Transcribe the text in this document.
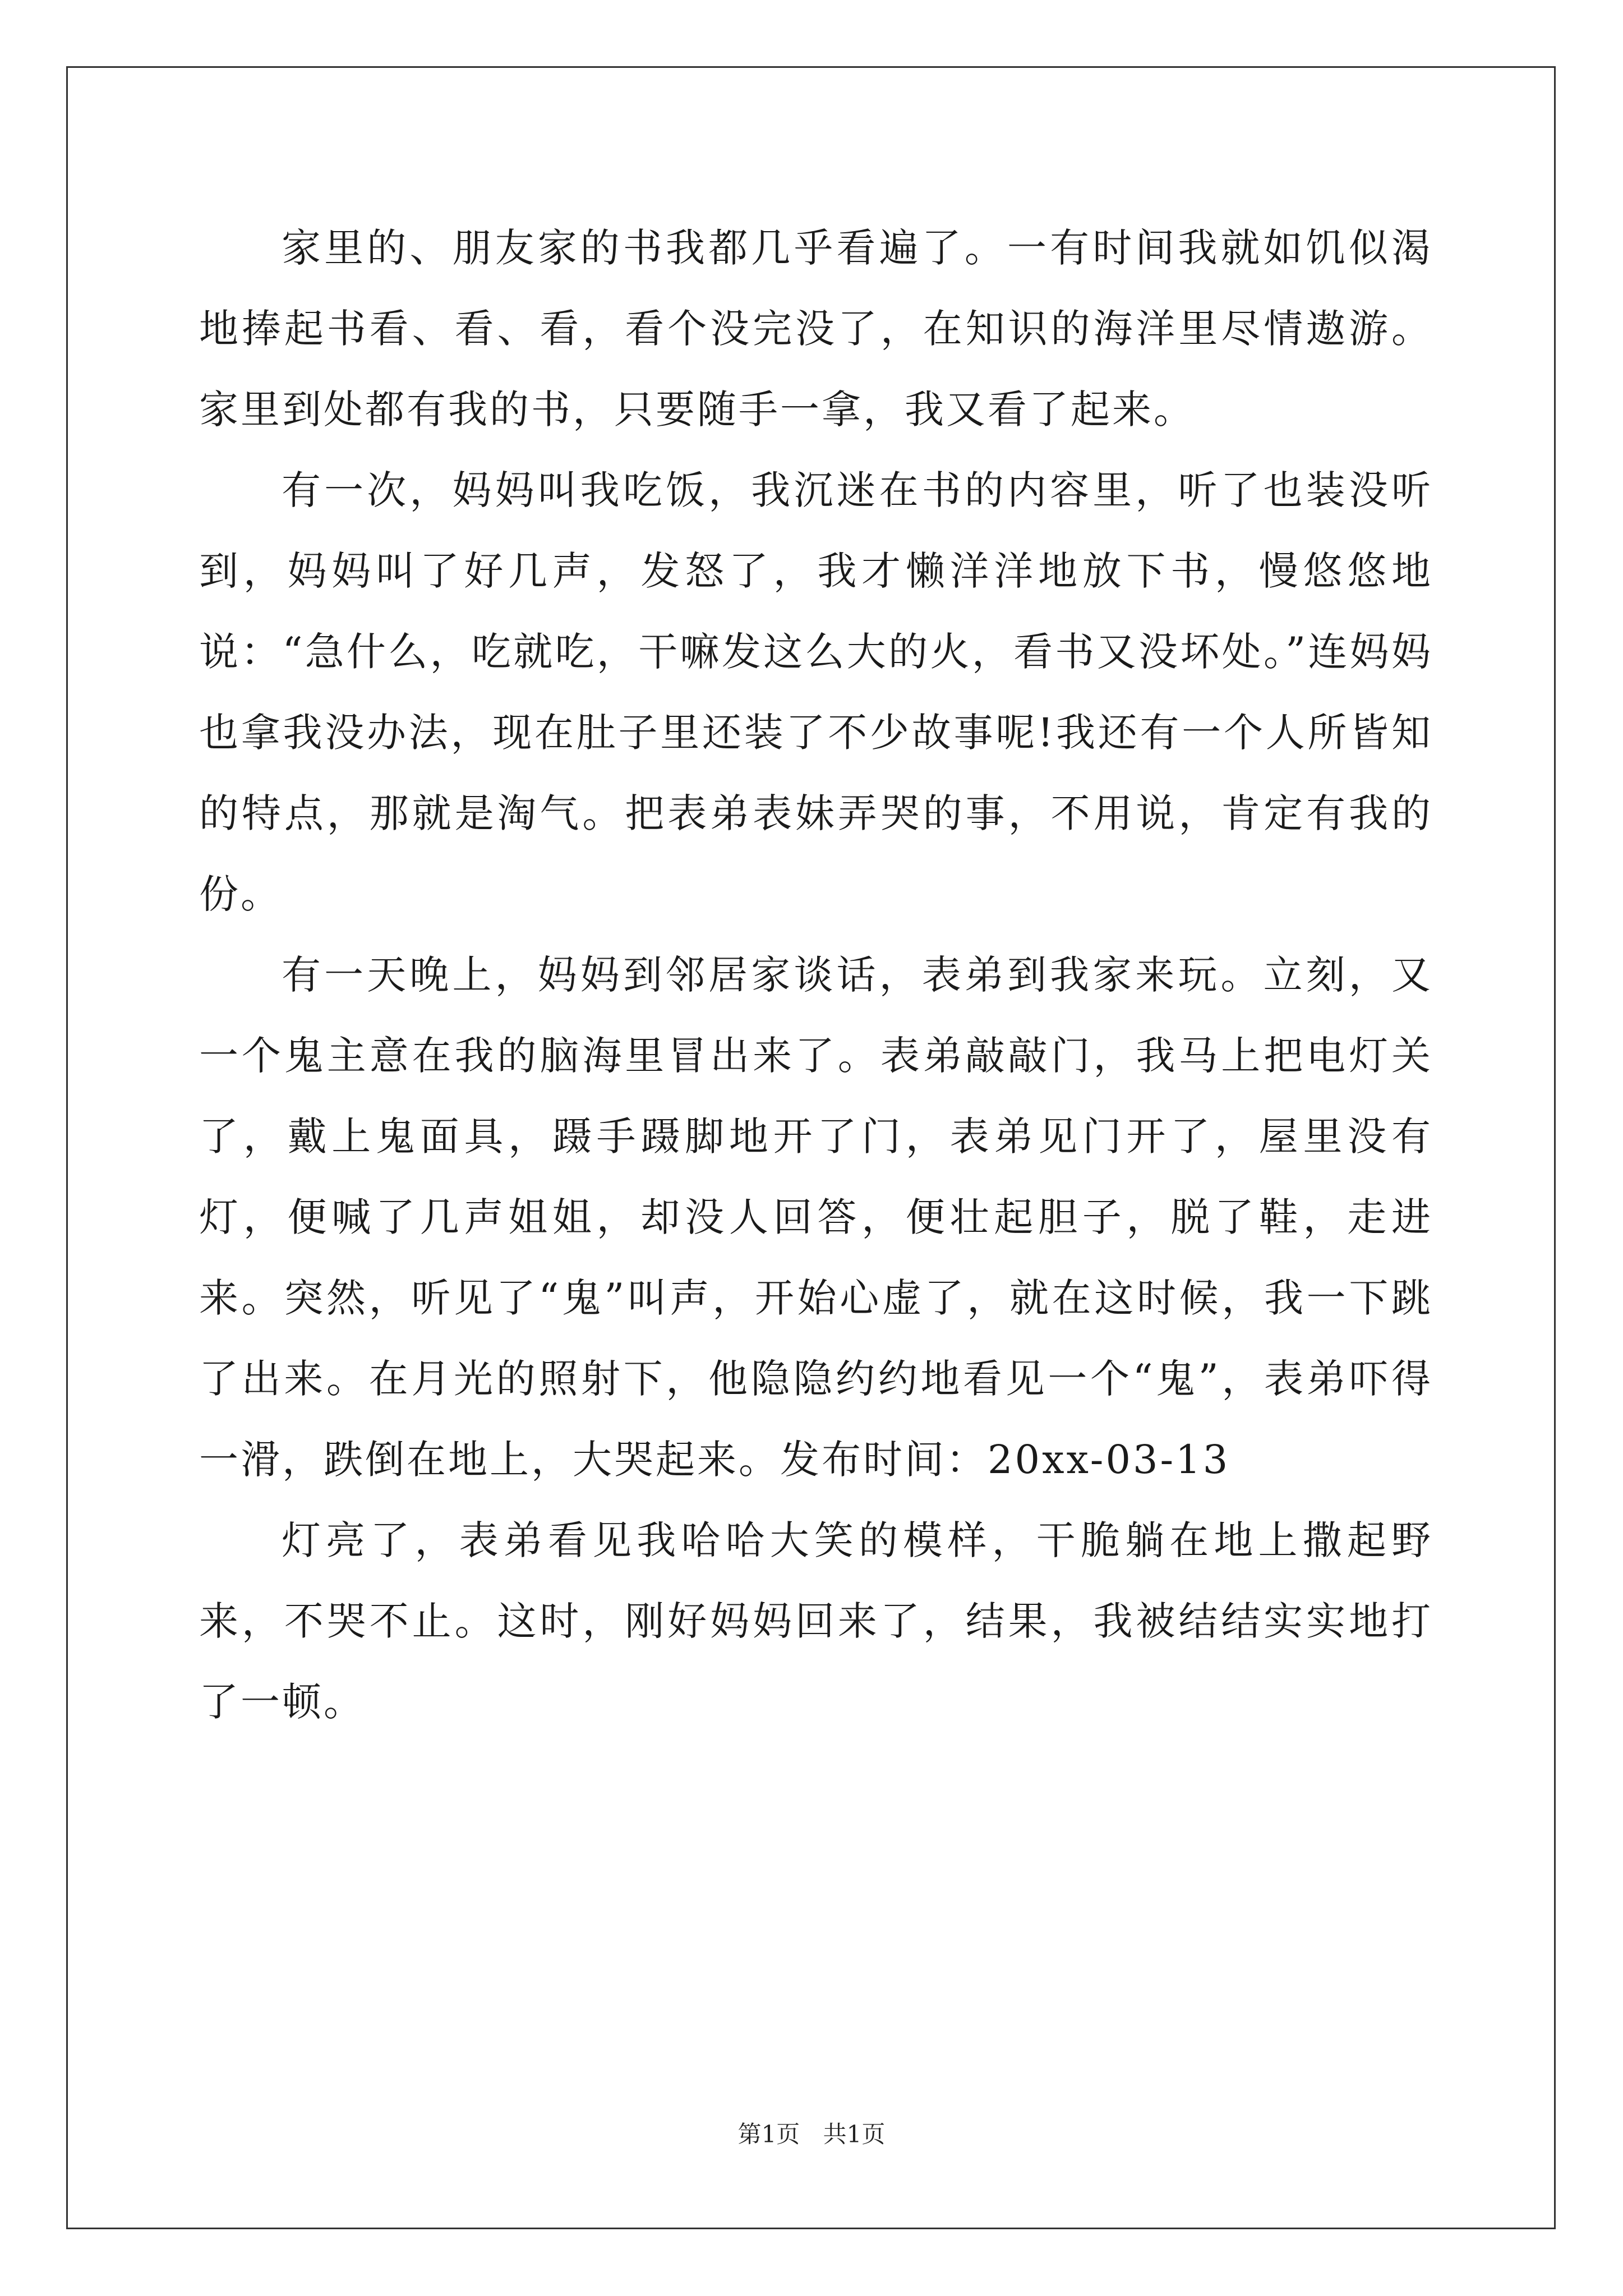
家里的、朋友家的书我都几乎看遍了。一有时间我就如饥似渴地捧起书看、看、看，看个没完没了，在知识的海洋里尽情遨游。家里到处都有我的书，只要随手一拿，我又看了起来。

有一次，妈妈叫我吃饭，我沉迷在书的内容里，听了也装没听到，妈妈叫了好几声，发怒了，我才懒洋洋地放下书，慢悠悠地说：“急什么，吃就吃，干嘛发这么大的火，看书又没坏处。”连妈妈也拿我没办法，现在肚子里还装了不少故事呢!我还有一个人所皆知的特点，那就是淘气。把表弟表妹弄哭的事，不用说，肯定有我的份。

有一天晚上，妈妈到邻居家谈话，表弟到我家来玩。立刻，又一个鬼主意在我的脑海里冒出来了。表弟敲敲门，我马上把电灯关了，戴上鬼面具，蹑手蹑脚地开了门，表弟见门开了，屋里没有灯，便喊了几声姐姐，却没人回答，便壮起胆子，脱了鞋，走进来。突然，听见了“鬼”叫声，开始心虚了，就在这时候，我一下跳了出来。在月光的照射下，他隐隐约约地看见一个“鬼”，表弟吓得一滑，跌倒在地上，大哭起来。发布时间：20xx-03-13

灯亮了，表弟看见我哈哈大笑的模样，干脆躺在地上撒起野来，不哭不止。这时，刚好妈妈回来了，结果，我被结结实实地打了一顿。

第1页 共1页
